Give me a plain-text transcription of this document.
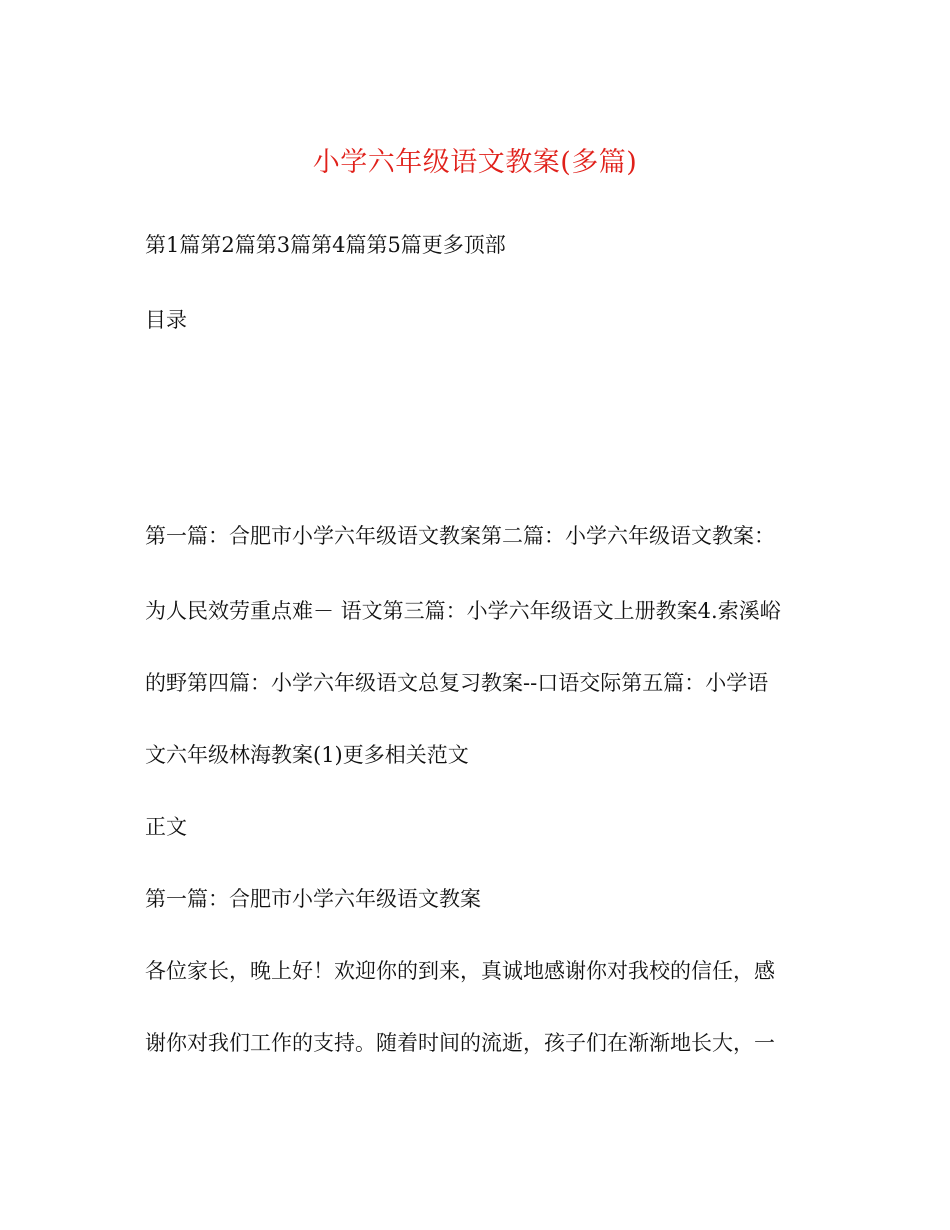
小学六年级语文教案(多篇)
第1篇第2篇第3篇第4篇第5篇更多顶部
目录
第一篇：合肥市小学六年级语文教案第二篇：小学六年级语文教案：
为人民效劳重点难－ 语文第三篇：小学六年级语文上册教案4.索溪峪
的野第四篇：小学六年级语文总复习教案--口语交际第五篇：小学语
文六年级林海教案(1)更多相关范文
正文
第一篇：合肥市小学六年级语文教案
各位家长，晚上好！欢迎你的到来，真诚地感谢你对我校的信任，感
谢你对我们工作的支持。随着时间的流逝，孩子们在渐渐地长大，一
